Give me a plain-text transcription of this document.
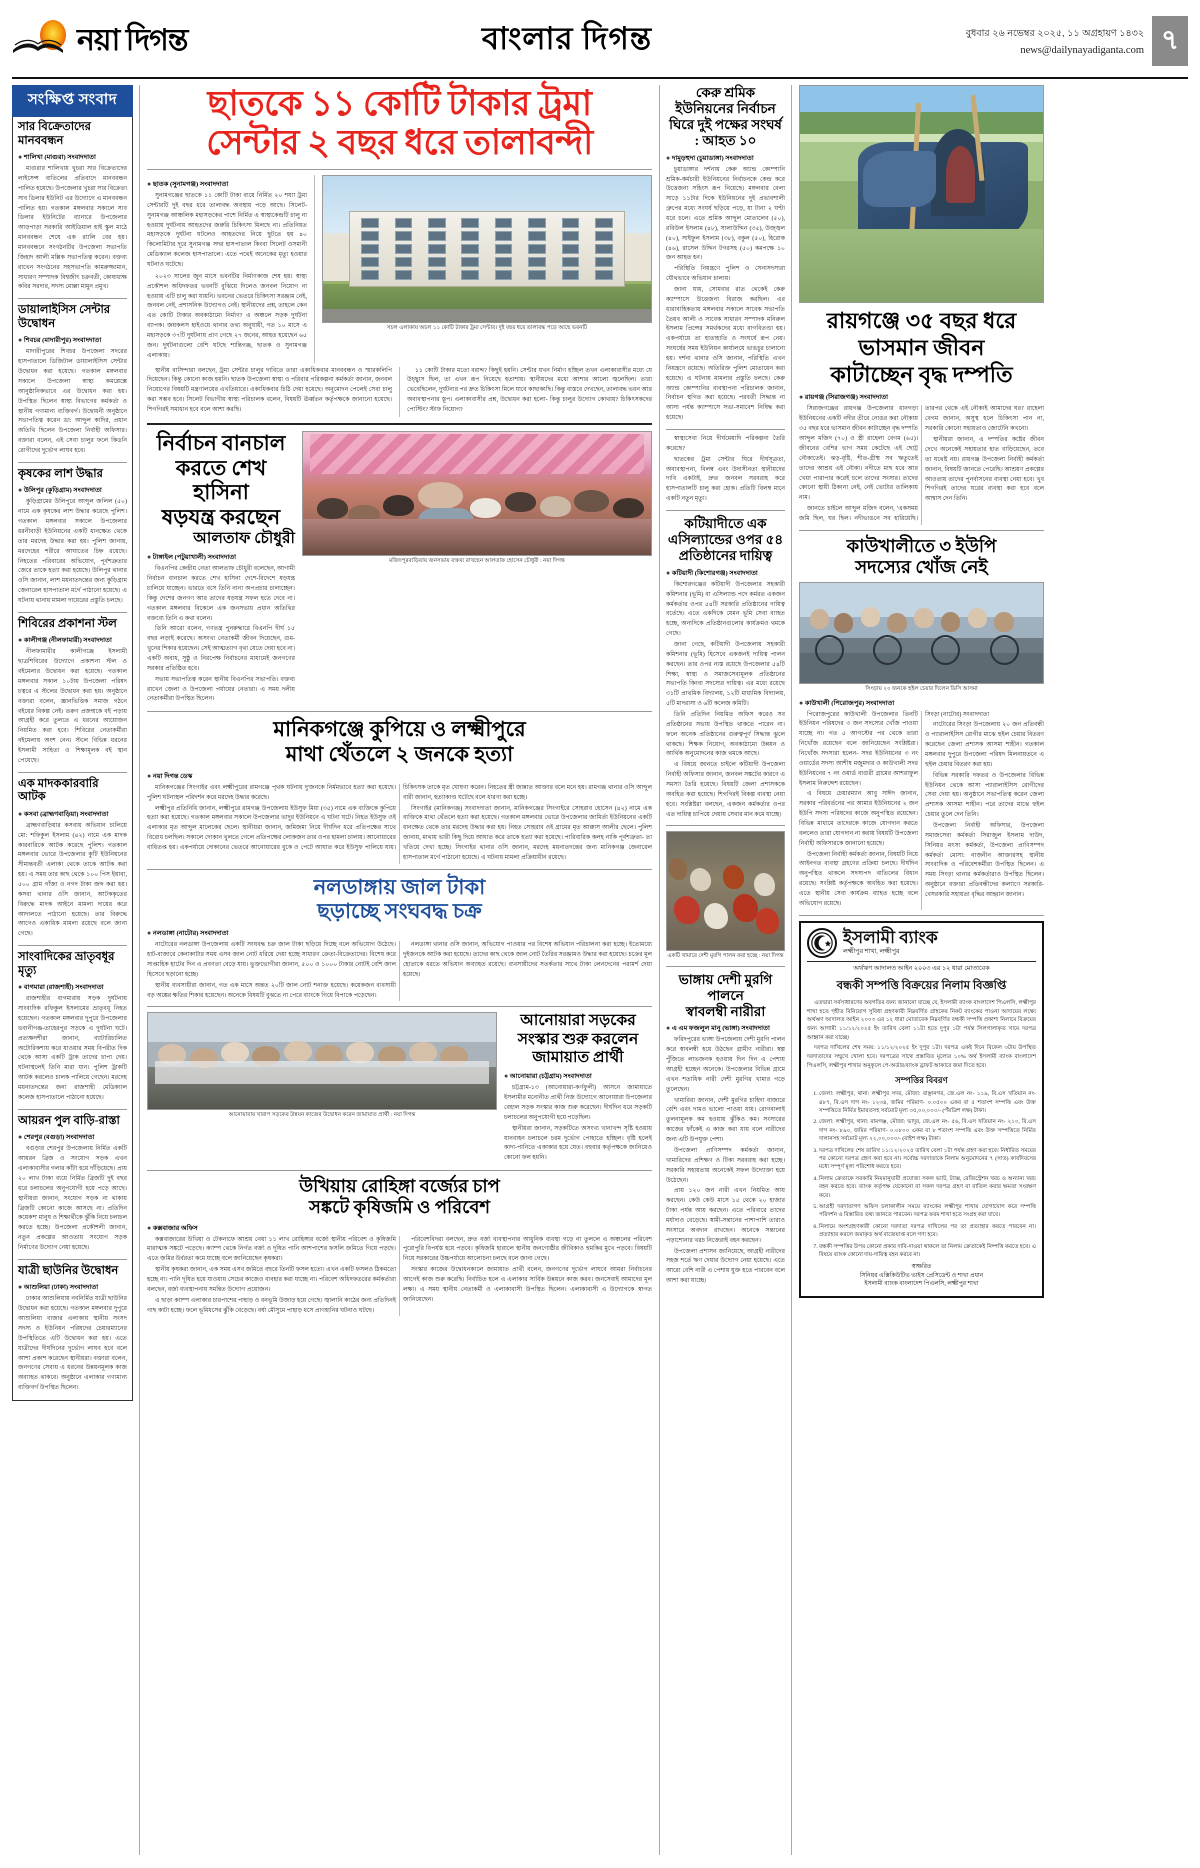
নয়া দিগন্ত	বাংলার দিগন্ত	বুধবার ২৬ নভেম্বর ২০২৫, ১১ অগ্রহায়ণ ১৪৩২
news@dailynayadiganta.com ৭
সংক্ষিপ্ত সংবাদ
সার বিক্রেতাদের মানববন্ধন
● শালিখা (মাগুরা) সংবাদদাতা

মাগুরার শালিখায় খুচরা সার বিক্রেতাদের লাইসেন্স বাতিলের প্রতিবাদে মানববন্ধন পালিত হয়েছে। উপজেলার খুচরা সার বিক্রেতা সাব ডিলার ইউনিট এর উদ্যোগে এ মানববন্ধন পালিত হয়। গতকাল মঙ্গলবার সকালে সাব ডিলার ইউনিটের ব্যানারে উপজেলার আড়পাড়া সরকারি আইডিয়াল হাই স্কুল মাঠে মানববন্ধন শেষে এক র‍্যালি বের হয়। মানববন্ধনে সংগঠনটির উপজেলা সভাপতি জিহাদ আলী মল্লিক সভাপতিত্ব করেন। বক্তব্য রাখেন সংগঠনের সহসভাপতি কামরুজ্জামান, সাধারণ সম্পাদক বিশ্বজীৎ চক্রবর্তী, কোষাধ্যক্ষ কবির সরদার, সদস্য মোল্লা মামুন প্রমুখ।

ডায়ালাইসিস সেন্টার উদ্বোধন
● শিবচর (মাদারীপুর) সংবাদদাতা

মাদারীপুরের শিবচর উপজেলা সদরের হাসপাতালে ডিজিটাল ডায়ালাইসিস সেন্টার উদ্বোধন করা হয়েছে। গতকাল মঙ্গলবার সকালে উপজেলা স্বাস্থ্য কমপ্লেক্সে আনুষ্ঠানিকভাবে এর উদ্বোধন করা হয়। উপস্থিত ছিলেন স্বাস্থ্য বিভাগের কর্মকর্তা ও স্থানীয় গণ্যমান্য ব্যক্তিবর্গ। উদ্বোধনী অনুষ্ঠানে সভাপতিত্ব করেন ডা: আব্দুল কাদির, প্রধান অতিথি ছিলেন উপজেলা নির্বাহী অফিসার। বক্তারা বলেন, এই সেবা চালুর ফলে কিডনি রোগীদের দুর্ভোগ লাঘব হবে।

কৃষকের লাশ উদ্ধার
● উলিপুর (কুড়িগ্রাম) সংবাদদাতা

কুড়িগ্রামের উলিপুরে আব্দুল জলিল (৫০) নামে এক কৃষকের লাশ উদ্ধার করেছে পুলিশ। গতকাল মঙ্গলবার সকালে উপজেলার ধরনীবাড়ী ইউনিয়নের একটি ধানক্ষেত থেকে তার মরদেহ উদ্ধার করা হয়। পুলিশ জানায়, মরদেহের শরীরে আঘাতের চিহ্ন রয়েছে। নিহতের পরিবারের অভিযোগ, পূর্বশত্রুতার জেরে তাকে হত্যা করা হয়েছে। উলিপুর থানার ওসি জানান, লাশ ময়নাতদন্তের জন্য কুড়িগ্রাম জেনারেল হাসপাতাল মর্গে পাঠানো হয়েছে। এ ঘটনায় থানায় মামলা দায়েরের প্রস্তুতি চলছে।

শিবিরের প্রকাশনা স্টল
● কালীগঞ্জ (নীলফামারী) সংবাদদাতা

নীলফামারীর কালীগঞ্জে ইসলামী ছাত্রশিবিরের উদ্যোগে প্রকাশনা স্টল ও বইমেলার উদ্বোধন করা হয়েছে। গতকাল মঙ্গলবার সকাল ১০টায় উপজেলা পরিষদ চত্বরে এ স্টলের উদ্বোধন করা হয়। অনুষ্ঠানে বক্তারা বলেন, জ্ঞানভিত্তিক সমাজ গঠনে বইয়ের বিকল্প নেই। তরুণ প্রজন্মকে বই পড়ায় আগ্রহী করে তুলতে এ ধরনের আয়োজন নিয়মিত করা হবে। শিবিরের নেতাকর্মীরা বইমেলায় অংশ নেন। স্টলে বিভিন্ন ধরনের ইসলামী সাহিত্য ও শিক্ষামূলক বই স্থান পেয়েছে।

এক মাদককারবারি আটক
● কসবা (ব্রাহ্মণবাড়িয়া) সংবাদদাতা

ব্রাহ্মণবাড়িয়ার কসবায় অভিযান চালিয়ে মো: শফিকুল ইসলাম (৪২) নামে এক মাদক কারবারিকে আটক করেছে পুলিশ। গতকাল মঙ্গলবার ভোরে উপজেলার কুটি ইউনিয়নের সীমান্তবর্তী এলাকা থেকে তাকে আটক করা হয়। এ সময় তার কাছ থেকে ১০০ পিস ইয়াবা, ৫০০ গ্রাম গাঁজা ও নগদ টাকা জব্দ করা হয়। কসবা থানার ওসি জানান, আটককৃতের বিরুদ্ধে মাদক আইনে মামলা দায়ের করে আদালতে পাঠানো হয়েছে। তার বিরুদ্ধে আগেও একাধিক মামলা রয়েছে বলে জানা গেছে।

সাংবাদিকের ভ্রাতৃবধূর মৃত্যু
● বাগমারা (রাজশাহী) সংবাদদাতা

রাজশাহীর বাগমারায় সড়ক দুর্ঘটনায় সাংবাদিক রফিকুল ইসলামের ভ্রাতৃবধূ নিহত হয়েছেন। গতকাল মঙ্গলবার দুপুরে উপজেলার ভবানীগঞ্জ-তাহেরপুর সড়কে এ দুর্ঘটনা ঘটে। প্রত্যক্ষদর্শীরা জানান, ব্যাটারিচালিত অটোরিকশায় করে যাওয়ার সময় বিপরীত দিক থেকে আসা একটি ট্রাক তাদের চাপা দেয়। ঘটনাস্থলেই তিনি মারা যান। পুলিশ ট্রাকটি আটক করলেও চালক পালিয়ে গেছেন। মরদেহ ময়নাতদন্তের জন্য রাজশাহী মেডিক্যাল কলেজ হাসপাতালে পাঠানো হয়েছে।

আয়রন পুল বাড়ি-রাস্তা
● শেরপুর (বগুড়া) সংবাদদাতা

বগুড়ার শেরপুর উপজেলায় নির্মিত একটি আয়রন ব্রিজ ও সংযোগ সড়ক এখন এলাকাবাসীর গলার কাঁটা হয়ে দাঁড়িয়েছে। প্রায় ২০ লাখ টাকা ব্যয়ে নির্মিত ব্রিজটি দুই বছর ধরে চলাচলের অনুপযোগী হয়ে পড়ে আছে। স্থানীয়রা জানান, সংযোগ সড়ক না থাকায় ব্রিজটি কোনো কাজে আসছে না। প্রতিদিন কয়েকশ' মানুষ ও শিক্ষার্থীকে ঝুঁকি নিয়ে চলাচল করতে হচ্ছে। উপজেলা প্রকৌশলী জানান, নতুন প্রকল্পের আওতায় সংযোগ সড়ক নির্মাণের উদ্যোগ নেয়া হয়েছে।

যাত্রী ছাউনির উদ্বোধন
● আশুলিয়া (ঢাকা) সংবাদদাতা

ঢাকার আশুলিয়ায় নবনির্মিত যাত্রী ছাউনির উদ্বোধন করা হয়েছে। গতকাল মঙ্গলবার দুপুরে আশুলিয়া বাজার এলাকায় স্থানীয় সংসদ সদস্য ও ইউনিয়ন পরিষদের চেয়ারম্যানের উপস্থিতিতে এটি উদ্বোধন করা হয়। এতে যাত্রীদের দীর্ঘদিনের দুর্ভোগ লাঘব হবে বলে আশা প্রকাশ করেছেন স্থানীয়রা। বক্তারা বলেন, জনগণের সেবায় এ ধরনের উন্নয়নমূলক কাজ অব্যাহত থাকবে। অনুষ্ঠানে এলাকার গণ্যমান্য ব্যক্তিবর্গ উপস্থিত ছিলেন।

ছাতকে ১১ কোটি টাকার ট্রমা
সেন্টার ২ বছর ধরে তালাবন্দী
● ছাতক (সুনামগঞ্জ) সংবাদদাতা

সুনামগঞ্জের ছাতকে ১১ কোটি টাকা ব্যয়ে নির্মিত ২০ শয্যা ট্রমা সেন্টারটি দুই বছর ধরে তালাবদ্ধ অবস্থায় পড়ে আছে। সিলেট-সুনামগঞ্জ আঞ্চলিক মহাসড়কের পাশে নির্মিত এ স্বাস্থ্যকেন্দ্রটি চালু না হওয়ায় দুর্ঘটনায় আহতদের জরুরি চিকিৎসা মিলছে না। প্রতিনিয়ত মহাসড়কে দুর্ঘটনা ঘটলেও আহতদের নিয়ে ছুটতে হয় ৪০ কিলোমিটার দূরে সুনামগঞ্জ সদর হাসপাতাল কিংবা সিলেট ওসমানী মেডিক্যাল কলেজ হাসপাতালে। এতে পথেই অনেকের মৃত্যু হওয়ার ঘটনাও ঘটেছে।

২০২৩ সালের জুন মাসে ভবনটির নির্মাণকাজ শেষ হয়। স্বাস্থ্য প্রকৌশল অধিদফতর ভবনটি বুঝিয়ে দিলেও জনবল নিয়োগ না হওয়ায় এটি চালু করা যায়নি। ভবনের ভেতরে চিকিৎসা সরঞ্জাম নেই, জনবল নেই, প্রশাসনিক উদ্যোগও নেই। স্থানীয়দের প্রশ্ন, তাহলে কেন এত কোটি টাকার অবকাঠামো নির্মাণ? এ অঞ্চলে সড়ক দুর্ঘটনা ব্যাপক। জয়কলস হাইওয়ে থানার তথ্য অনুযায়ী, গত ১০ মাসে এ মহাসড়কে ৩৭টি দুর্ঘটনায় প্রাণ গেছে ২৭ জনের, আহত হয়েছেন ৬৫ জন। দুর্ঘটনাগুলো বেশি ঘটছে শান্তিগঞ্জ, ছাতক ও সুনামগঞ্জ এলাকায়।

সচল এলাকায় অচল ১১ কোটি টাকার ট্রমা সেন্টার। দুই বছর ধরে তালাবদ্ধ পড়ে আছে ভবনটি

স্থানীয় বাসিন্দারা বলছেন, ট্রমা সেন্টার চালুর দাবিতে তারা একাধিকবার মানববন্ধন ও স্মারকলিপি দিয়েছেন। কিন্তু কোনো কাজ হয়নি। ছাতক উপজেলা স্বাস্থ্য ও পরিবার পরিকল্পনা কর্মকর্তা জানান, জনবল নিয়োগের বিষয়টি মন্ত্রণালয়ের এখতিয়ারে। একাধিকবার চিঠি দেয়া হয়েছে। অনুমোদন পেলেই সেবা চালু করা সম্ভব হবে। সিলেট বিভাগীয় স্বাস্থ্য পরিচালক বলেন, বিষয়টি ঊর্ধ্বতন কর্তৃপক্ষকে জানানো হয়েছে। শিগগিরই সমাধান হবে বলে আশা করছি।

১১ কোটি টাকার মতো বরাদ্দ? কিছুই হয়নি। সেন্টার যখন নির্মাণ হচ্ছিল তখন এলাকাবাসীর মধ্যে যে উচ্ছ্বাস ছিল, তা এখন রূপ নিয়েছে হতাশায়। স্থানীয়দের মধ্যে আশার আলো জ্বলেছিল। তারা ভেবেছিলেন, দুর্ঘটনার পর দ্রুত চিকিৎসা মিলে যাবে কাছাকাছি। কিন্তু বাস্তবে দেখছেন, তালাবদ্ধ ভবন আর অব্যবস্থাপনার স্তূপ। এলাকাবাসীর প্রশ্ন, উদ্বোধন করা হলো- কিন্তু চালুর উদ্যোগ কোথায়? চিকিৎসকদের পোস্টিং? স্টাফ নিয়োগ?

নির্বাচন বানচাল
করতে শেখ হাসিনা
ষড়যন্ত্র করছেন
আলতাফ চৌধুরী
● টাঙ্গাইল (পটুয়াখালী) সংবাদদাতা

বিএনপির কেন্দ্রীয় নেতা আলতাফ চৌধুরী বলেছেন, আগামী নির্বাচন বানচাল করতে শেখ হাসিনা দেশে-বিদেশে ষড়যন্ত্র চালিয়ে যাচ্ছেন। ভারতে বসে তিনি নানা অপপ্রচার চালাচ্ছেন। কিন্তু দেশের জনগণ আর তাদের ষড়যন্ত্র সফল হতে দেবে না। গতকাল মঙ্গলবার বিকেলে এক জনসভায় প্রধান অতিথির বক্তব্যে তিনি এ কথা বলেন।

তিনি আরো বলেন, গণতন্ত্র পুনরুদ্ধারে বিএনপি দীর্ঘ ১৫ বছর লড়াই করেছে। অসংখ্য নেতাকর্মী জীবন দিয়েছেন, গুম-খুনের শিকার হয়েছেন। সেই আত্মত্যাগ বৃথা যেতে দেয়া হবে না। একটি অবাধ, সুষ্ঠু ও নিরপেক্ষ নির্বাচনের মাধ্যমেই জনগণের সরকার প্রতিষ্ঠিত হবে।

সভায় সভাপতিত্ব করেন স্থানীয় বিএনপির সভাপতি। বক্তব্য রাখেন জেলা ও উপজেলা পর্যায়ের নেতারা। এ সময় দলীয় নেতাকর্মীরা উপস্থিত ছিলেন।

মজিদপুরবাড়িয়ায় জনসভায় বক্তব্য রাখছেন আলতাফ হোসেন চৌধুরী : নয়া দিগন্ত
মানিকগঞ্জে কুপিয়ে ও লক্ষ্মীপুরে
মাথা থেঁতলে ২ জনকে হত্যা
● নয়া দিগন্ত ডেস্ক

মানিকগঞ্জের সিংগাইর এবং লক্ষ্মীপুরের রামগঞ্জে পৃথক ঘটনায় দু'জনকে নির্মমভাবে হত্যা করা হয়েছে। পুলিশ ঘটনাস্থল পরিদর্শন করে মরদেহ উদ্ধার করেছে।

লক্ষ্মীপুর প্রতিনিধি জানান, লক্ষ্মীপুরে রামগঞ্জ উপজেলায় ইউসুফ মিয়া (৩৫) নামে এক ব্যক্তিকে কুপিয়ে হত্যা করা হয়েছে। গতকাল মঙ্গলবার সকালে উপজেলার ভাদুর ইউনিয়নে এ ঘটনা ঘটে। নিহত ইউসুফ ওই এলাকার মৃত আব্দুল মালেকের ছেলে। স্থানীয়রা জানান, জমিজমা নিয়ে দীর্ঘদিন ধরে প্রতিপক্ষের সাথে বিরোধ চলছিল। সকালে দোকান খুলতে গেলে প্রতিপক্ষের লোকজন তার ওপর হামলা চালায়। আনোয়ারের বাধিতপ্ত হয়। একপর্যায়ে দোকানের ভেতরে আনোয়ারের বুকে ও পেটে আঘাত করে ইউসুফ পালিয়ে যায়। চিকিৎসক তাকে মৃত ঘোষণা করেন। নিহতের স্ত্রী জান্নাত আক্তার বলে মনে হয়। রামগঞ্জ থানার ওসি আব্দুল বারী জানান, হত্যাকাণ্ড ঘটেছে বলে ধারণা করা হচ্ছে।

সিংগাইর (মানিকগঞ্জ) সংবাদদাতা জানান, মানিকগঞ্জের সিংগাইরে সোহরাব হোসেন (৪২) নামে এক ব্যক্তিকে মাথা থেঁতলে হত্যা করা হয়েছে। গতকাল মঙ্গলবার ভোরে উপজেলার জামির্তা ইউনিয়নের একটি ধানক্ষেত থেকে তার মরদেহ উদ্ধার করা হয়। নিহত সোহরাব ওই গ্রামের মৃত আক্কাস আলীর ছেলে। পুলিশ জানায়, মাথায় ভারী কিছু দিয়ে আঘাত করে তাকে হত্যা করা হয়েছে। পারিবারিক কলহ নাকি পূর্বশত্রুতা- তা খতিয়ে দেখা হচ্ছে। সিংগাইর থানার ওসি জানান, মরদেহ ময়নাতদন্তের জন্য মানিকগঞ্জ জেনারেল হাসপাতাল মর্গে পাঠানো হয়েছে। এ ঘটনায় মামলা প্রক্রিয়াধীন রয়েছে।

নলডাঙ্গায় জাল টাকা
ছড়াচ্ছে সংঘবদ্ধ চক্র
● নলডাঙ্গা (নাটোর) সংবাদদাতা

নাটোরের নলডাঙ্গা উপজেলায় একটি সংঘবদ্ধ চক্র জাল টাকা ছড়িয়ে দিচ্ছে বলে অভিযোগ উঠেছে। হাট-বাজারে কেনাকাটার সময় এসব জাল নোট ধরিয়ে দেয়া হচ্ছে সাধারণ ক্রেতা-বিক্রেতাদের। বিশেষ করে সাপ্তাহিক হাটের দিন এ প্রবণতা বেড়ে যায়। ভুক্তভোগীরা জানান, ৫০০ ও ১০০০ টাকার নোটই বেশি জাল হিসেবে ছড়ানো হচ্ছে।

স্থানীয় ব্যবসায়ীরা জানান, গত এক মাসে অন্তত ২০টি জাল নোট শনাক্ত হয়েছে। কয়েকজন ব্যবসায়ী বড় অঙ্কের ক্ষতির শিকার হয়েছেন। অনেকে বিষয়টি বুঝতে না পেরে ব্যাংকে গিয়ে বিপাকে পড়েছেন।

নলডাঙ্গা থানার ওসি জানান, অভিযোগ পাওয়ার পর বিশেষ অভিযান পরিচালনা করা হচ্ছে। ইতোমধ্যে দুইজনকে আটক করা হয়েছে। তাদের কাছ থেকে জাল নোট তৈরির সরঞ্জামও উদ্ধার করা হয়েছে। চক্রের মূল হোতাকে ধরতে অভিযান অব্যাহত রয়েছে। ব্যবসায়ীদের সতর্কতার সাথে টাকা লেনদেনের পরামর্শ দেয়া হয়েছে।

আনোয়ারায় খারাপ সড়কের উন্নয়ন কাজের উদ্বোধন করেন জামায়াত প্রার্থী : নয়া দিগন্ত
আনোয়ারা সড়কের
সংস্কার শুরু করলেন
জামায়াত প্রার্থী
● আনোয়ারা (চট্টগ্রাম) সংবাদদাতা

চট্টগ্রাম-১৩ (আনোয়ারা-কর্ণফুলী) আসনে জামায়াতে ইসলামীর মনোনীত প্রার্থী নিজ উদ্যোগে আনোয়ারা উপজেলার বেহাল সড়ক সংস্কার কাজ শুরু করেছেন। দীর্ঘদিন ধরে সড়কটি চলাচলের অনুপযোগী হয়ে পড়েছিল।

স্থানীয়রা জানান, সড়কটিতে অসংখ্য খানাখন্দ সৃষ্টি হওয়ায় যানবাহন চলাচলে চরম দুর্ভোগ পোহাতে হচ্ছিল। বৃষ্টি হলেই কাদা-পানিতে একাকার হয়ে যেত। বহুবার কর্তৃপক্ষকে জানিয়েও কোনো ফল হয়নি।

উখিয়ায় রোহিঙ্গা বর্জ্যের চাপ
সঙ্কটে কৃষিজমি ও পরিবেশ
● কক্সবাজার অফিস

কক্সবাজারের উখিয়া ও টেকনাফে আশ্রয় নেয়া ১১ লাখ রোহিঙ্গার বর্জ্যে স্থানীয় পরিবেশ ও কৃষিজমি মারাত্মক সঙ্কটে পড়েছে। ক্যাম্প থেকে নির্গত বর্জ্য ও দূষিত পানি আশপাশের ফসলি জমিতে গিয়ে পড়ছে। এতে জমির উর্বরতা কমে যাচ্ছে বলে জানিয়েছেন কৃষকরা।

স্থানীয় কৃষকরা জানান, এক সময় এসব জমিতে বছরে তিনটি ফসল হতো। এখন একটি ফসলও ঠিকমতো হচ্ছে না। পানি দূষিত হয়ে যাওয়ায় সেচের কাজেও ব্যবহার করা যাচ্ছে না। পরিবেশ অধিদফতরের কর্মকর্তারা বলছেন, বর্জ্য ব্যবস্থাপনায় সমন্বিত উদ্যোগ প্রয়োজন।

এ ছাড়া ক্যাম্প এলাকার চারপাশের পাহাড় ও বনভূমি উজাড় হয়ে গেছে। জ্বালানি কাঠের জন্য প্রতিদিনই গাছ কাটা হচ্ছে। ফলে ভূমিধসের ঝুঁকি বেড়েছে। বর্ষা মৌসুমে পাহাড় ধসে প্রাণহানির ঘটনাও ঘটছে।

পরিবেশবিদরা বলছেন, দ্রুত বর্জ্য ব্যবস্থাপনার আধুনিক ব্যবস্থা গড়ে না তুললে এ অঞ্চলের পরিবেশ পুরোপুরি বিপর্যস্ত হয়ে পড়বে। কৃষিজমি হারালে স্থানীয় জনগোষ্ঠীর জীবিকাও হুমকির মুখে পড়বে। বিষয়টি নিয়ে সরকারের উচ্চপর্যায়ে আলোচনা চলছে বলে জানা গেছে।

সংস্কার কাজের উদ্বোধনকালে জামায়াত প্রার্থী বলেন, জনগণের দুর্ভোগ লাঘবে আমরা নির্বাচনের আগেই কাজ শুরু করেছি। নির্বাচিত হলে এ এলাকার সার্বিক উন্নয়নে কাজ করব। জনসেবাই আমাদের মূল লক্ষ্য। এ সময় স্থানীয় নেতাকর্মী ও এলাকাবাসী উপস্থিত ছিলেন। এলাকাবাসী এ উদ্যোগকে স্বাগত জানিয়েছেন।

কেরু শ্রমিক ইউনিয়নের নির্বাচন ঘিরে দুই পক্ষের সংঘর্ষ : আহত ১০
● দামুড়হুদা (চুয়াডাঙ্গা) সংবাদদাতা

চুয়াডাঙ্গার দর্শনায় কেরু অ্যান্ড কোম্পানি শ্রমিক-কর্মচারী ইউনিয়নের নির্বাচনকে কেন্দ্র করে উত্তেজনা সহিংস রূপ নিয়েছে। মঙ্গলবার বেলা সাড়ে ১১টার দিকে ইউনিয়নের দুই প্রভাবশালী গ্রুপের মধ্যে সংঘর্ষ ছড়িয়ে পড়ে, যা টানা ২ ঘণ্টা ধরে চলে। এতে শ্রমিক আব্দুল মোতালেব (৫০), রবিউল ইসলাম (৪৮), সালাউদ্দিন (৩৫), উজ্জ্বল (৪০), সাইফুল ইসলাম (৩৮), বকুল (৫০), হিরোক (৪৬), রাসেল উদ্দিন টগরসহ (৫০) কমপক্ষে ১০ জন আহত হন।

পরিস্থিতি নিয়ন্ত্রণে পুলিশ ও সেনাসদস্যরা যৌথভাবে অভিযান চালায়।

জানা যায়, সোমবার রাত থেকেই কেরু ক্যাম্পাসে উত্তেজনা বিরাজ করছিল। এর ধারাবাহিকতায় মঙ্গলবার সকালে সাবেক সভাপতি তৈয়ব আলী ও সাবেক সাধারণ সম্পাদক মনিরুল ইসলাম প্রিন্সের সমর্থকদের মধ্যে বাগবিতণ্ডা হয়। একপর্যায়ে তা হাতাহাতি ও সংঘর্ষে রূপ নেয়। সংঘর্ষের সময় ইউনিয়ন কার্যালয়ে ভাঙচুর চালানো হয়। দর্শনা থানার ওসি জানান, পরিস্থিতি এখন নিয়ন্ত্রণে রয়েছে। অতিরিক্ত পুলিশ মোতায়েন করা হয়েছে। এ ঘটনায় মামলার প্রস্তুতি চলছে। কেরু অ্যান্ড কোম্পানির ব্যবস্থাপনা পরিচালক জানান, নির্বাচন স্থগিত করা হয়েছে। পরবর্তী সিদ্ধান্ত না আসা পর্যন্ত ক্যাম্পাসে সভা-সমাবেশ নিষিদ্ধ করা হয়েছে।

স্বাস্থ্যসেবা নিয়ে দীর্ঘমেয়াদি পরিকল্পনা তৈরি করেছে?

ছাতকের ট্রমা সেন্টার ঘিরে দীর্ঘসূত্রতা, অব্যবস্থাপনা, বিলম্ব এবং উদাসীনতা স্থানীয়দের দাবি একটাই, দ্রুত জনবল সরবরাহ করে হাসপাতালটি চালু করা হোক। প্রতিটি বিলম্ব মানে একটি নতুন মৃত্যু।

কটিয়াদীতে এক
এসিল্যান্ডের ওপর ৫৪
প্রতিষ্ঠানের দায়িত্ব
● কটিয়াদী (কিশোরগঞ্জ) সংবাদদাতা

কিশোরগঞ্জের কটিয়াদী উপজেলার সহকারী কমিশনার (ভূমি) বা এসিল্যান্ড পদে কর্মরত একজন কর্মকর্তার ওপর ৫৪টি সরকারি প্রতিষ্ঠানের দায়িত্ব বর্তেছে। এতে একদিকে যেমন ভূমি সেবা ব্যাহত হচ্ছে, অন্যদিকে প্রতিষ্ঠানগুলোর কার্যক্রমও থমকে গেছে।

জানা গেছে, কটিয়াদী উপজেলায় সহকারী কমিশনার (ভূমি) হিসেবে একজনই দায়িত্ব পালন করছেন। তার ওপর ন্যস্ত রয়েছে উপজেলার ৫৪টি শিক্ষা, স্বাস্থ্য ও সমাজসেবামূলক প্রতিষ্ঠানের সভাপতি কিংবা সদস্যের দায়িত্ব। এর মধ্যে রয়েছে ৩১টি প্রাথমিক বিদ্যালয়, ১২টি মাধ্যমিক বিদ্যালয়, ৫টি মাদরাসা ও ৬টি কলেজ কমিটি।

তিনি প্রতিদিন নিয়মিত অফিস করেও সব প্রতিষ্ঠানের সভায় উপস্থিত থাকতে পারেন না। ফলে অনেক প্রতিষ্ঠানের গুরুত্বপূর্ণ সিদ্ধান্ত ঝুলে থাকছে। শিক্ষক নিয়োগ, অবকাঠামো উন্নয়ন ও আর্থিক অনুমোদনের কাজ থমকে আছে।

এ বিষয়ে জানতে চাইলে কটিয়াদী উপজেলা নির্বাহী অফিসার জানান, জনবল সঙ্কটের কারণে এ সমস্যা তৈরি হয়েছে। বিষয়টি জেলা প্রশাসককে অবহিত করা হয়েছে। শিগগিরই বিকল্প ব্যবস্থা নেয়া হবে। সংশ্লিষ্টরা বলছেন, একজন কর্মকর্তার ওপর এত দায়িত্ব চাপিয়ে দেয়ায় সেবার মান কমে যাচ্ছে।

একটি খামারে দেশী মুরগি পালন করা হচ্ছে : নয়া দিগন্ত
ভাঙ্গায় দেশী মুরগি পালনে
স্বাবলম্বী নারীরা
● এ এম ফজলুল মানু (ভাঙ্গা) সংবাদদাতা

ফরিদপুরের ভাঙ্গা উপজেলায় দেশী মুরগি পালন করে স্বাবলম্বী হয়ে উঠছেন গ্রামীণ নারীরা। স্বল্প পুঁজিতে লাভজনক হওয়ায় দিন দিন এ পেশায় আগ্রহী হচ্ছেন অনেকে। উপজেলার বিভিন্ন গ্রামে এখন শতাধিক নারী দেশী মুরগির খামার গড়ে তুলেছেন।

খামারিরা জানান, দেশী মুরগির চাহিদা বাজারে বেশি এবং দামও ভালো পাওয়া যায়। রোগবালাই তুলনামূলক কম হওয়ায় ঝুঁকিও কম। সংসারের কাজের ফাঁকেই এ কাজ করা যায় বলে নারীদের জন্য এটি উপযুক্ত পেশা।

উপজেলা প্রাণিসম্পদ কর্মকর্তা জানান, খামারিদের প্রশিক্ষণ ও টিকা সরবরাহ করা হচ্ছে। সরকারি সহায়তায় অনেকেই সফল উদ্যোক্তা হয়ে উঠেছেন।

প্রায় ১২০ জন নারী এখন নিয়মিত আয় করছেন। কেউ কেউ মাসে ১৫ থেকে ২০ হাজার টাকা পর্যন্ত আয় করছেন। এতে পরিবারে তাদের মর্যাদাও বেড়েছে। স্বামী-সন্তানের পাশাপাশি তারাও সংসারে অবদান রাখছেন। অনেকে সন্তানের পড়াশোনার খরচ নিজেরাই বহন করছেন।

উপজেলা প্রশাসন জানিয়েছে, আগ্রহী নারীদের সহজ শর্তে ঋণ দেয়ার উদ্যোগ নেয়া হয়েছে। এতে আরো বেশি নারী এ পেশায় যুক্ত হতে পারবেন বলে আশা করা যাচ্ছে।

রায়গঞ্জে ৩৫ বছর ধরে
ভাসমান জীবন
কাটাচ্ছেন বৃদ্ধ দম্পতি
● রায়গঞ্জ (সিরাজগঞ্জ) সংবাদদাতা

সিরাজগঞ্জের রায়গঞ্জ উপজেলার ধানগড়া ইউনিয়নের একটি নদীর তীরে নোঙর করা নৌকায় ৩৫ বছর ধরে ভাসমান জীবন কাটাচ্ছেন বৃদ্ধ দম্পতি আব্দুল মজিদ (৭০) ও স্ত্রী রাহেলা বেগম (৬৫)। জীবনের বেশির ভাগ সময় কেটেছে এই ছোট্ট নৌকাতেই। ঝড়-বৃষ্টি, শীত-গ্রীষ্ম সব ঋতুতেই তাদের আশ্রয় এই নৌকা। নদীতে মাছ ধরে আর খেয়া পারাপার করেই চলে তাদের সংসার। তাদের কোনো স্থায়ী ঠিকানা নেই, নেই ভোটার তালিকায় নাম।

জানতে চাইলে আব্দুল মজিদ বলেন, 'একসময় জমি ছিল, ঘর ছিল। নদীভাঙনে সব হারিয়েছি। তারপর থেকে এই নৌকাই আমাদের ঘর।' রাহেলা বেগম জানান, অসুস্থ হলে চিকিৎসা পান না, সরকারি কোনো সহায়তাও জোটেনি কখনো।

স্থানীয়রা জানান, এ দম্পতির কষ্টের জীবন দেখে অনেকেই সহায়তার হাত বাড়িয়েছেন, তবে তা যথেষ্ট নয়। রায়গঞ্জ উপজেলা নির্বাহী কর্মকর্তা জানান, বিষয়টি জানতে পেরেছি। আশ্রয়ণ প্রকল্পের আওতায় তাদের পুনর্বাসনের ব্যবস্থা নেয়া হবে। খুব শিগগিরই তাদের ঘরের ব্যবস্থা করা হবে বলে আশ্বাস দেন তিনি।

কাউখালীতে ৩ ইউপি
সদস্যের খোঁজ নেই
সিংড়ায় ২০ জনকে হুইল চেয়ার দিলেন ডিসি আসমা
● কাউখালী (পিরোজপুর) সংবাদদাতা

পিরোজপুরের কাউখালী উপজেলার তিনটি ইউনিয়ন পরিষদের ৩ জন সদস্যের খোঁজ পাওয়া যাচ্ছে না। গত ৫ আগস্টের পর থেকে তারা নিখোঁজ রয়েছেন বলে জানিয়েছেন সংশ্লিষ্টরা। নিখোঁজ সদস্যরা হলেন- সদর ইউনিয়নের ৩ নং ওয়ার্ডের সদস্য আশীষ মজুমদার ও কাউখালী সদর ইউনিয়নের ৭ নং ওয়ার্ড বাগুরী গ্রামের আশরাফুল ইসলাম নিরুদ্দেশ রয়েছেন।

এ বিষয়ে চেয়ারম্যান আবু সাঈদ জানান, সরকার পরিবর্তনের পর আমার ইউনিয়নের ২ জন ইউপি সদস্য পরিষদের কাজে অনুপস্থিত রয়েছেন। বিভিন্ন মাধ্যমে তাদেরকে কাজে যোগদান করতে বললেও তারা যোগদান না করায় বিষয়টি উপজেলা নির্বাহী অফিসারকে জানানো হয়েছে।

উপজেলা নির্বাহী কর্মকর্তা জানান, বিষয়টি নিয়ে আইনগত ব্যবস্থা গ্রহণের প্রক্রিয়া চলছে। দীর্ঘদিন অনুপস্থিত থাকলে সদস্যপদ বাতিলের বিধান রয়েছে। সংশ্লিষ্ট কর্তৃপক্ষকে অবহিত করা হয়েছে। এতে স্থানীয় সেবা কার্যক্রম ব্যাহত হচ্ছে বলে অভিযোগ রয়েছে।

সিংড়া (নাটোর) সংবাদদাতা

নাটোরের সিংড়া উপজেলায় ২০ জন প্রতিবন্ধী ও প্যারালাইসিস রোগীর মাঝে হুইল চেয়ার বিতরণ করেছেন জেলা প্রশাসক আসমা শাহীন। গতকাল মঙ্গলবার দুপুরে উপজেলা পরিষদ মিলনায়তনে এ হুইল চেয়ার বিতরণ করা হয়।

বিভিন্ন সরকারি দফতর ও উপজেলার বিভিন্ন ইউনিয়ন থেকে আসা প্যারালাইসিস রোগীদের সেবা দেয়া হয়। অনুষ্ঠানে সভাপতিত্ব করেন জেলা প্রশাসক আসমা শাহীন। পরে তাদের মাঝে হুইল চেয়ার তুলে দেন তিনি।

উপজেলা নির্বাহী অফিসার, উপজেলা সমাজসেবা কর্মকর্তা সিরাজুল ইসলাম দাউদ, সিনিয়র মৎস্য কর্মকর্তা, উপজেলা প্রাণিসম্পদ কর্মকর্তা মোসা: নাজনীন আক্তারসহ স্থানীয় সাংবাদিক ও পরিবেশকর্মীরা উপস্থিত ছিলেন। এ সময় সিংড়া থানার কর্মকর্তারাও উপস্থিত ছিলেন। অনুষ্ঠানে বক্তারা প্রতিবন্ধীদের কল্যাণে সরকারি-বেসরকারি সহায়তা বৃদ্ধির আহ্বান জানান।

ইসলামী ব্যাংক
লক্ষ্মীপুর শাখা, লক্ষ্মীপুর
অর্থঋণ আদালত আইন ২০০৩ এর ১২ ধারা মোতাবেক
বন্ধকী সম্পত্তি বিক্রয়ের নিলাম বিজ্ঞপ্তি

এতদ্বারা সর্বসাধারণের অবগতির জন্য জানানো যাচ্ছে যে, ইসলামী ব্যাংক বাংলাদেশ পিএলসি, লক্ষ্মীপুর শাখা হতে গৃহীত বিনিয়োগ সুবিধা গ্রহণকারী নিম্নবর্ণিত গ্রাহকের নিকট ব্যাংকের পাওনা আদায়ের লক্ষ্যে অর্থঋণ আদালত আইন ২০০৩ এর ১২ ধারা মোতাবেক নিম্নবর্ণিত বন্ধকী সম্পত্তি প্রকাশ্য নিলামে বিক্রয়ের জন্য আগামী ১১/১২/২০২৫ ইং তারিখ বেলা ১১টা হতে দুপুর ১টা পর্যন্ত সিলগালাকৃত খামে দরপত্র আহ্বান করা যাচ্ছে।

দরপত্র দাখিলের শেষ সময়: ১১/১২/২০২৫ ইং দুপুর ১টা। দরপত্র একই দিনে বিকেল ৩টায় উপস্থিত দরদাতাদের সম্মুখে খোলা হবে। দরপত্রের সাথে প্রস্তাবিত মূল্যের ১০% অর্থ ইসলামী ব্যাংক বাংলাদেশ পিএলসি, লক্ষ্মীপুর শাখার অনুকূলে পে-অর্ডার/ব্যাংক ড্রাফট আকারে জমা দিতে হবে।

সম্পত্তির বিবরণ
1. জেলা: লক্ষ্মীপুর, থানা: লক্ষ্মীপুর সদর, মৌজা: বাঞ্ছানগর, জে.এল নং- ১১৯, বি.এস খতিয়ান নং- ৪৮৭, বি.এস দাগ নং- ১২৩৪, জমির পরিমাণ- ০.০৫০০ একর বা ৫ শতাংশ সম্পত্তি এবং উক্ত সম্পত্তিতে নির্মিত ইমারতসহ সর্বমোট মূল্য ৩৫,০০,০০০/- (পঁয়ত্রিশ লক্ষ) টাকা।
2. জেলা: লক্ষ্মীপুর, থানা: রামগঞ্জ, মৌজা: ভাদুর, জে.এল নং- ৫৬, বি.এস খতিয়ান নং- ২১০, বি.এস দাগ নং- ৮৯০, জমির পরিমাণ- ০.০৮০০ একর বা ৮ শতাংশ সম্পত্তি এবং উক্ত সম্পত্তিতে নির্মিত দালানসহ সর্বমোট মূল্য ২২,০০,০০০/- (বাইশ লক্ষ) টাকা।
3. দরপত্র দাখিলের শেষ তারিখ ১১/১২/২০২৫ তারিখ বেলা ১টা পর্যন্ত গ্রহণ করা হবে। নির্ধারিত সময়ের পর কোনো দরপত্র গ্রহণ করা হবে না। সর্বোচ্চ দরদাতাকে নিলাম অনুমোদনের ৭ (সাত) কার্যদিবসের মধ্যে সম্পূর্ণ মূল্য পরিশোধ করতে হবে।
4. নিলাম ক্রেতাকে সরকারি নিয়মানুযায়ী প্রযোজ্য সকল ভ্যাট, ট্যাক্স, রেজিস্ট্রেশন খরচ ও অন্যান্য খরচ বহন করতে হবে। ব্যাংক কর্তৃপক্ষ যেকোনো বা সকল দরপত্র গ্রহণ বা বাতিল করার ক্ষমতা সংরক্ষণ করে।
5. আগ্রহী দরদাতাগণ অফিস চলাকালীন সময়ে ব্যাংকের লক্ষ্মীপুর শাখায় যোগাযোগ করে সম্পত্তি পরিদর্শন ও বিস্তারিত তথ্য জানতে পারবেন। দরপত্র ফরম শাখা হতে সংগ্রহ করা যাবে।
6. নিলামে অংশগ্রহণকারী কোনো দরদাতা দরপত্র দাখিলের পর তা প্রত্যাহার করতে পারবেন না। প্রত্যাহার করলে জমাকৃত অর্থ বাজেয়াপ্ত বলে গণ্য হবে।
7. বন্ধকী সম্পত্তির উপর কোনো প্রকার দাবি-দাওয়া থাকলে তা নিলাম ক্রেতাকেই নিষ্পত্তি করতে হবে। এ বিষয়ে ব্যাংক কোনো দায়-দায়িত্ব বহন করবে না।
স্বাক্ষরিত
সিনিয়র এক্সিকিউটিভ ভাইস প্রেসিডেন্ট ও শাখা প্রধান
ইসলামী ব্যাংক বাংলাদেশ পিএলসি, লক্ষ্মীপুর শাখা
